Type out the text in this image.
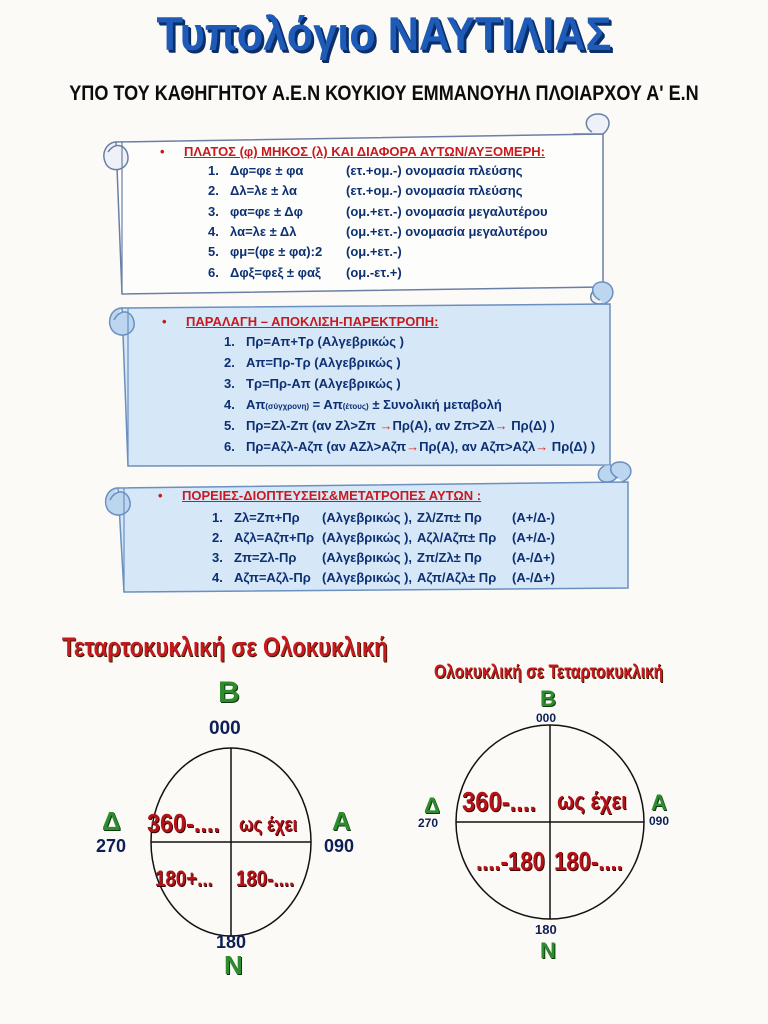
Τυπολόγιο ΝΑΥΤΙΛΙΑΣ
ΥΠΟ ΤΟΥ ΚΑΘΗΓΗΤΟΥ Α.Ε.Ν ΚΟΥΚΙΟΥ ΕΜΜΑΝΟΥΗΛ ΠΛΟΙΑΡΧΟΥ Α' Ε.Ν
• ΠΛΑΤΟΣ (φ) ΜΗΚΟΣ (λ) ΚΑΙ ΔΙΑΦΟΡΑ ΑΥΤΩΝ/ΑΥΞΟΜΕΡΗ:
1. Δφ=φε ± φα	(ετ.+ομ.-) ονομασία πλεύσης
2. Δλ=λε ± λα	(ετ.+ομ.-) ονομασία πλεύσης
3. φα=φε ± Δφ	(ομ.+ετ.-) ονομασία μεγαλυτέρου
4. λα=λε ± Δλ	(ομ.+ετ.-) ονομασία μεγαλυτέρου
5. φμ=(φε ± φα):2 (ομ.+ετ.-)
6. Δφξ=φεξ ± φαξ (ομ.-ετ.+)
• ΠΑΡΑΛΑΓΗ – ΑΠΟΚΛΙΣΗ-ΠΑΡΕΚΤΡΟΠΗ:
1. Πρ=Απ+Τρ (Αλγεβρικώς )
2. Απ=Πρ-Τρ (Αλγεβρικώς )
3. Τρ=Πρ-Απ (Αλγεβρικώς )
4. Απ(σύγχρονη) = Απ(έτους) ± Συνολική μεταβολή
5. Πρ=Ζλ-Ζπ (αν Ζλ>Ζπ →Πρ(Α), αν Ζπ>Ζλ→ Πρ(Δ) )
6. Πρ=Αζλ-Αζπ (αν ΑΖλ>Αζπ→Πρ(Α), αν Αζπ>Αζλ→ Πρ(Δ) )
• ΠΟΡΕΙΕΣ-ΔΙΟΠΤΕΥΣΕΙΣ&ΜΕΤΑΤΡΟΠΕΣ ΑΥΤΩΝ :
1. Ζλ=Ζπ+Πρ (Αλγεβρικώς ), Ζλ/Ζπ± Πρ (Α+/Δ-)
2. Αζλ=Αζπ+Πρ (Αλγεβρικώς ), Αζλ/Αζπ± Πρ (Α+/Δ-)
3. Ζπ=Ζλ-Πρ (Αλγεβρικώς ), Ζπ/Ζλ± Πρ (Α-/Δ+)
4. Αζπ=Αζλ-Πρ (Αλγεβρικώς ), Αζπ/Αζλ± Πρ (Α-/Δ+)
Τεταρτοκυκλική σε Ολοκυκλική
Β
000
Δ
270
Α
090
180
Ν
360-.... ως έχει
180+... 180-....
Ολοκυκλική σε Τεταρτοκυκλική
Β
000
Δ
270
Α
090
180
Ν
360-.... ως έχει
....-180 180-....
